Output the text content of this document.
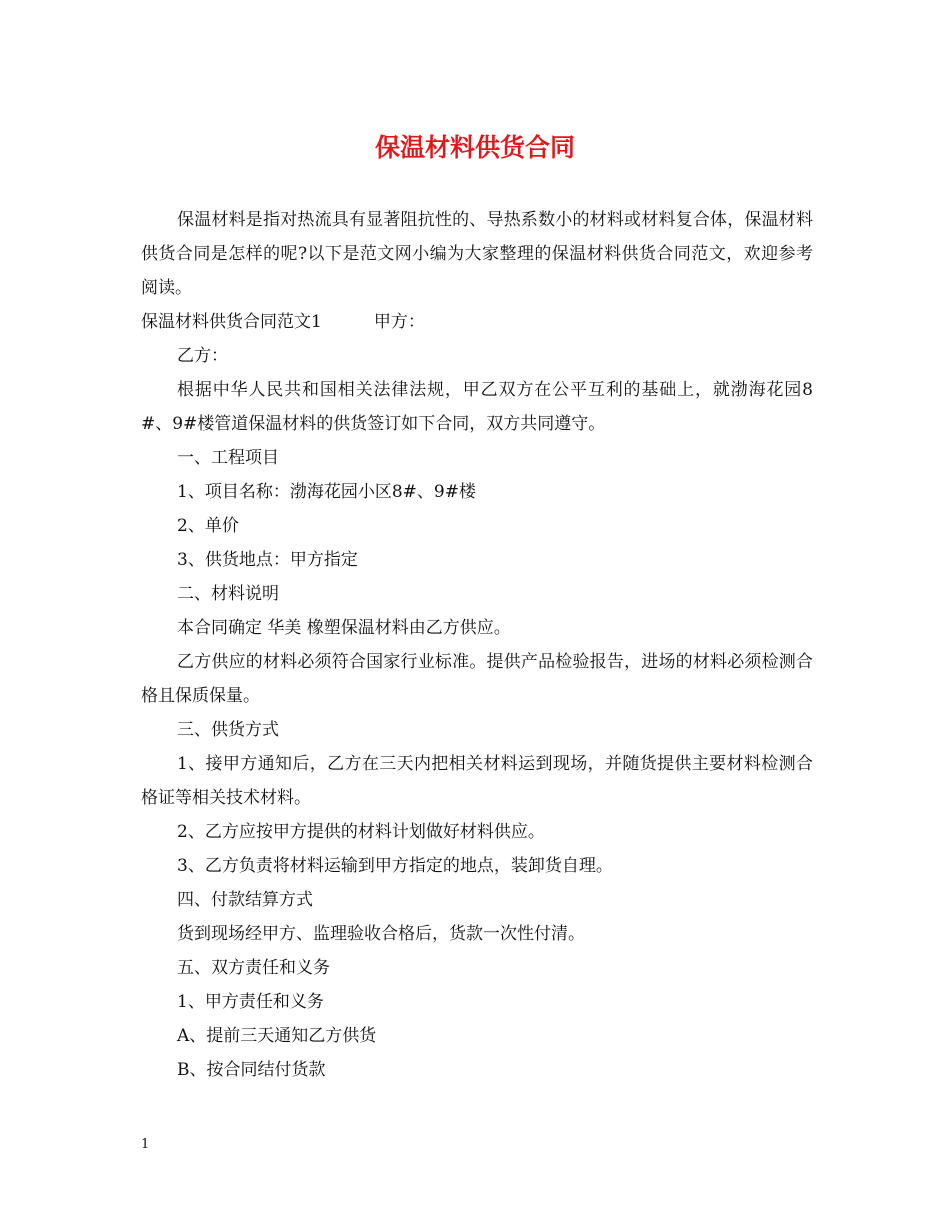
保温材料供货合同

保温材料是指对热流具有显著阻抗性的、导热系数小的材料或材料复合体，保温材料供货合同是怎样的呢?以下是范文网小编为大家整理的保温材料供货合同范文，欢迎参考阅读。

保温材料供货合同范文1	甲方：

乙方：

根据中华人民共和国相关法律法规，甲乙双方在公平互利的基础上，就渤海花园8#、9#楼管道保温材料的供货签订如下合同，双方共同遵守。

一、工程项目

1、项目名称：渤海花园小区8#、9#楼

2、单价

3、供货地点：甲方指定

二、材料说明

本合同确定 华美 橡塑保温材料由乙方供应。

乙方供应的材料必须符合国家行业标准。提供产品检验报告，进场的材料必须检测合格且保质保量。

三、供货方式

1、接甲方通知后，乙方在三天内把相关材料运到现场，并随货提供主要材料检测合格证等相关技术材料。

2、乙方应按甲方提供的材料计划做好材料供应。

3、乙方负责将材料运输到甲方指定的地点，装卸货自理。

四、付款结算方式

货到现场经甲方、监理验收合格后，货款一次性付清。

五、双方责任和义务

1、甲方责任和义务

A、提前三天通知乙方供货

B、按合同结付货款

1
